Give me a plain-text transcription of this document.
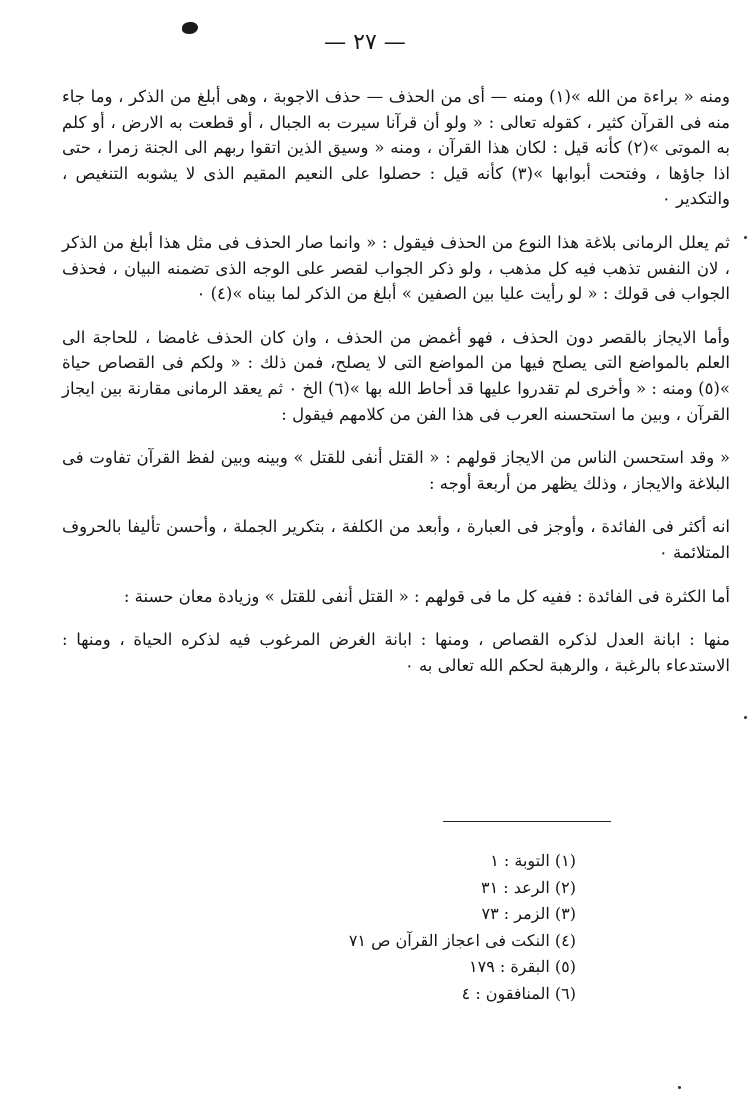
— ٢٧ —

ومنه « براءة من الله »(١) ومنه — أى من الحذف — حذف الاجوبة ، وهى أبلغ من الذكر ، وما جاء منه فى القرآن كثير ، كقوله تعالى : « ولو أن قرآنا سيرت به الجبال ، أو قطعت به الارض ، أو كلم به الموتى »(٢) كأنه قيل : لكان هذا القرآن ، ومنه « وسيق الذين اتقوا ربهم الى الجنة زمرا ، حتى اذا جاؤها ، وفتحت أبوابها »(٣) كأنه قيل : حصلوا على النعيم المقيم الذى لا يشوبه التنغيص ، والتكدير ٠

ثم يعلل الرمانى بلاغة هذا النوع من الحذف فيقول : « وانما صار الحذف فى مثل هذا أبلغ من الذكر ، لان النفس تذهب فيه كل مذهب ، ولو ذكر الجواب لقصر على الوجه الذى تضمنه البيان ، فحذف الجواب فى قولك : « لو رأيت عليا بين الصفين » أبلغ من الذكر لما بيناه »(٤) ٠

وأما الايجاز بالقصر دون الحذف ، فهو أغمض من الحذف ، وان كان الحذف غامضا ، للحاجة الى العلم بالمواضع التى يصلح فيها من المواضع التى لا يصلح، فمن ذلك : « ولكم فى القصاص حياة »(٥) ومنه : « وأخرى لم تقدروا عليها قد أحاط الله بها »(٦) الخ ٠ ثم يعقد الرمانى مقارنة بين ايجاز القرآن ، وبين ما استحسنه العرب فى هذا الفن من كلامهم فيقول :

« وقد استحسن الناس من الايجاز قولهم : « القتل أنفى للقتل » وبينه وبين لفظ القرآن تفاوت فى البلاغة والايجاز ، وذلك يظهر من أربعة أوجه :

انه أكثر فى الفائدة ، وأوجز فى العبارة ، وأبعد من الكلفة ، بتكرير الجملة ، وأحسن تأليفا بالحروف المتلائمة ٠

أما الكثرة فى الفائدة : ففيه كل ما فى قولهم : « القتل أنفى للقتل » وزيادة معان حسنة :

منها : ابانة العدل لذكره القصاص ، ومنها : ابانة الغرض المرغوب فيه لذكره الحياة ، ومنها : الاستدعاء بالرغبة ، والرهبة لحكم الله تعالى به ٠

(١) التوبة : ١
(٢) الرعد : ٣١
(٣) الزمر : ٧٣
(٤) النكت فى اعجاز القرآن ص ٧١
(٥) البقرة : ١٧٩
(٦) المنافقون : ٤
